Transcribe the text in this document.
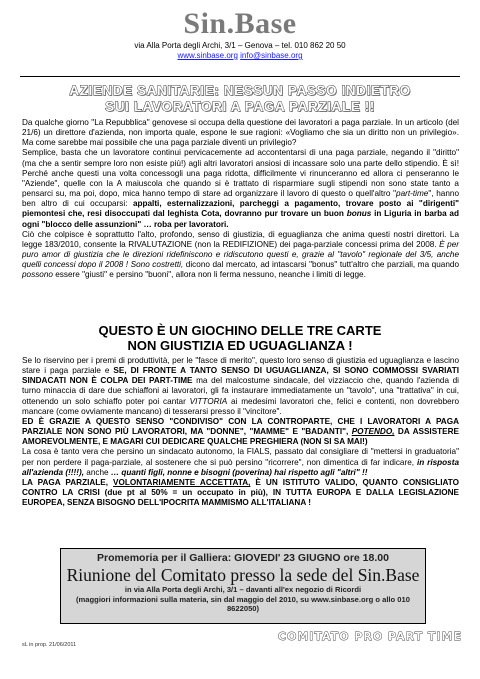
Sin.Base
via Alla Porta degli Archi, 3/1 – Genova – tel. 010 862 20 50
www.sinbase.org info@sinbase.org
AZIENDE SANITARIE: NESSUN PASSO INDIETRO
SUI LAVORATORI A PAGA PARZIALE !!

Da qualche giorno "La Repubblica" genovese si occupa della questione dei lavoratori a paga parziale. In un articolo (del 21/6) un direttore d'azienda, non importa quale, espone le sue ragioni: «Vogliamo che sia un diritto non un privilegio». Ma come sarebbe mai possibile che una paga parziale diventi un privilegio?

Semplice, basta che un lavoratore continui pervicacemente ad accontentarsi di una paga parziale, negando il "diritto" (ma che a sentir sempre loro non esiste più!) agli altri lavoratori ansiosi di incassare solo una parte dello stipendio. È sì! Perché anche questi una volta concessogli una paga ridotta, difficilmente vi rinunceranno ed allora ci penseranno le "Aziende", quelle con la A maiuscola che quando si è trattato di risparmiare sugli stipendi non sono state tanto a pensarci su, ma poi, dopo, mica hanno tempo di stare ad organizzare il lavoro di questo o quell'altro "part-time", hanno ben altro di cui occuparsi: appalti, esternalizzazioni, parcheggi a pagamento, trovare posto ai "dirigenti" piemontesi che, resi disoccupati dal leghista Cota, dovranno pur trovare un buon bonus in Liguria in barba ad ogni "blocco delle assunzioni" … roba per lavoratori.

Ciò che colpisce è soprattutto l'alto, profondo, senso di giustizia, di eguaglianza che anima questi nostri direttori. La legge 183/2010, consente la RIVALUTAZIONE (non la REDIFIZIONE) dei paga-parziale concessi prima del 2008. È per puro amor di giustizia che le direzioni ridefiniscono e ridiscutono questi e, grazie al "tavolo" regionale del 3/5, anche quelli concessi dopo il 2008 ! Sono costretti, dicono dal mercato, ad intascarsi "bonus" tutt'altro che parziali, ma quando possono essere "giusti" e persino "buoni", allora non li ferma nessuno, neanche i limiti di legge.

QUESTO È UN GIOCHINO DELLE TRE CARTE
NON GIUSTIZIA ED UGUAGLIANZA !

Se lo riservino per i premi di produttività, per le "fasce di merito", questo loro senso di giustizia ed uguaglianza e lascino stare i paga parziale e SE, DI FRONTE A TANTO SENSO DI UGUAGLIANZA, SI SONO COMMOSSI SVARIATI SINDACATI NON È COLPA DEI PART-TIME ma del malcostume sindacale, del vizziaccio che, quando l'azienda di turno minaccia di dare due schiaffoni ai lavoratori, gli fa instaurare immediatamente un "tavolo", una "trattativa" in cui, ottenendo un solo schiaffo poter poi cantar VITTORIA ai medesimi lavoratori che, felici e contenti, non dovrebbero mancare (come ovviamente mancano) di tesserarsi presso il "vincitore".

ED È GRAZIE A QUESTO SENSO "CONDIVISO" CON LA CONTROPARTE, CHE I LAVORATORI A PAGA PARZIALE NON SONO PIÙ LAVORATORI, MA "DONNE", "MAMME" E "BADANTI", POTENDO, DA ASSISTERE AMOREVOLMENTE, E MAGARI CUI DEDICARE QUALCHE PREGHIERA (NON SI SA MAI!)

La cosa è tanto vera che persino un sindacato autonomo, la FIALS, passato dal consigliare di "mettersi in graduatoria" per non perdere il paga-parziale, al sostenere che si può persino "ricorrere", non dimentica di far indicare, in risposta all'azienda (!!!!), anche … quanti figli, nonne e bisogni (poverina) hai rispetto agli "altri" !!

LA PAGA PARZIALE, VOLONTARIAMENTE ACCETTATA, È UN ISTITUTO VALIDO, QUANTO CONSIGLIATO CONTRO LA CRISI (due pt al 50% = un occupato in più), IN TUTTA EUROPA E DALLA LEGISLAZIONE EUROPEA, SENZA BISOGNO DELL'IPOCRITA MAMMISMO ALL'ITALIANA !

Promemoria per il Galliera: GIOVEDI' 23 GIUGNO ore 18.00
Riunione del Comitato presso la sede del Sin.Base
in via Alla Porta degli Archi, 3/1 – davanti all'ex negozio di Ricordi
(maggiori informazioni sulla materia, sin dal maggio del 2010, su www.sinbase.org o allo 010 8622050)
COMITATO PRO PART TIME
sL in prop. 21/06/2011
